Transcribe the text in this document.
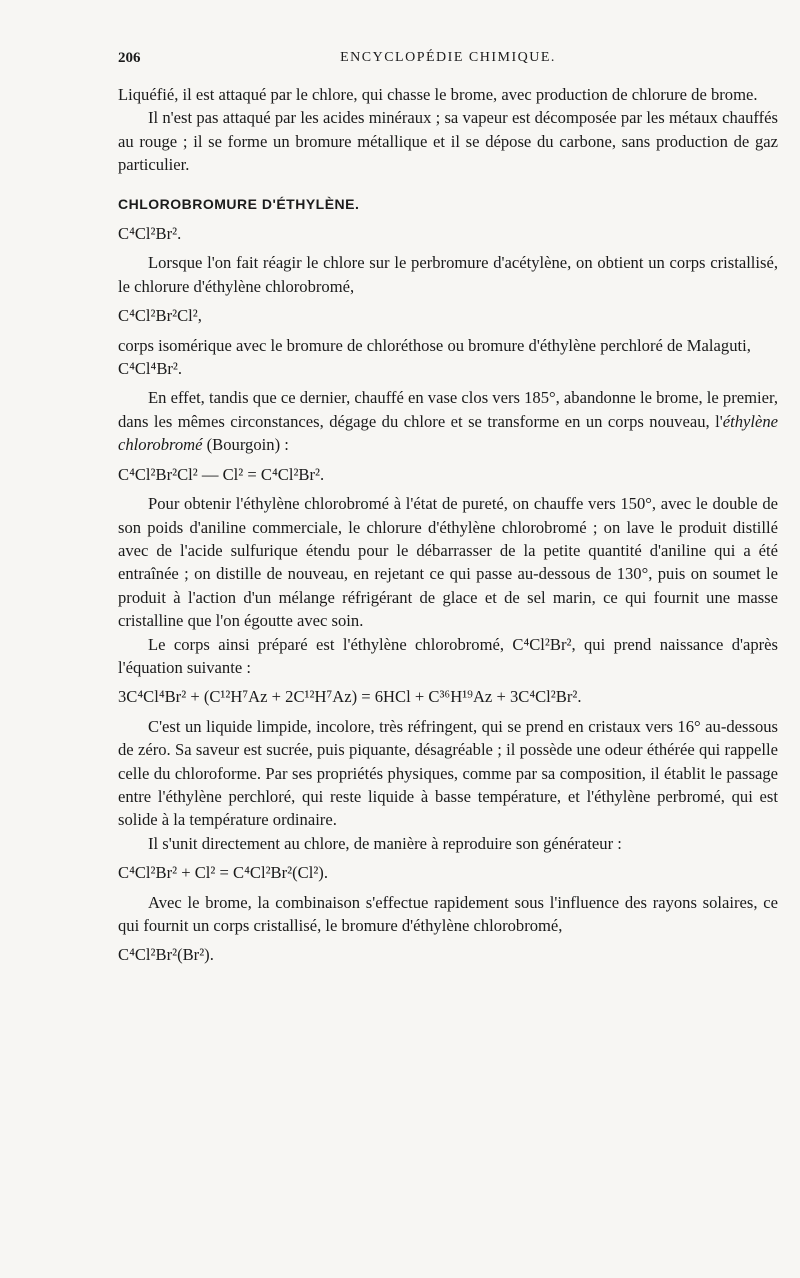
206	ENCYCLOPÉDIE CHIMIQUE.

Liquéfié, il est attaqué par le chlore, qui chasse le brome, avec production de chlorure de brome.

Il n'est pas attaqué par les acides minéraux ; sa vapeur est décomposée par les métaux chauffés au rouge ; il se forme un bromure métallique et il se dépose du carbone, sans production de gaz particulier.

CHLOROBROMURE D'ÉTHYLÈNE.

C⁴Cl²Br².

Lorsque l'on fait réagir le chlore sur le perbromure d'acétylène, on obtient un corps cristallisé, le chlorure d'éthylène chlorobromé,

C⁴Cl²Br²Cl²,

corps isomérique avec le bromure de chloréthose ou bromure d'éthylène perchloré de Malaguti,

C⁴Cl⁴Br².

En effet, tandis que ce dernier, chauffé en vase clos vers 185°, abandonne le brome, le premier, dans les mêmes circonstances, dégage du chlore et se transforme en un corps nouveau, l'éthylène chlorobromé (Bourgoin) :

C⁴Cl²Br²Cl² — Cl² = C⁴Cl²Br².

Pour obtenir l'éthylène chlorobromé à l'état de pureté, on chauffe vers 150°, avec le double de son poids d'aniline commerciale, le chlorure d'éthylène chlorobromé ; on lave le produit distillé avec de l'acide sulfurique étendu pour le débarrasser de la petite quantité d'aniline qui a été entraînée ; on distille de nouveau, en rejetant ce qui passe au-dessous de 130°, puis on soumet le produit à l'action d'un mélange réfrigérant de glace et de sel marin, ce qui fournit une masse cristalline que l'on égoutte avec soin.

Le corps ainsi préparé est l'éthylène chlorobromé, C⁴Cl²Br², qui prend naissance d'après l'équation suivante :

3C⁴Cl⁴Br² + (C¹²H⁷Az + 2C¹²H⁷Az) = 6HCl + C³⁶H¹⁹Az + 3C⁴Cl²Br².

C'est un liquide limpide, incolore, très réfringent, qui se prend en cristaux vers 16° au-dessous de zéro. Sa saveur est sucrée, puis piquante, désagréable ; il possède une odeur éthérée qui rappelle celle du chloroforme. Par ses propriétés physiques, comme par sa composition, il établit le passage entre l'éthylène perchloré, qui reste liquide à basse température, et l'éthylène perbromé, qui est solide à la température ordinaire.

Il s'unit directement au chlore, de manière à reproduire son générateur :

C⁴Cl²Br² + Cl² = C⁴Cl²Br²(Cl²).

Avec le brome, la combinaison s'effectue rapidement sous l'influence des rayons solaires, ce qui fournit un corps cristallisé, le bromure d'éthylène chlorobromé,

C⁴Cl²Br²(Br²).
